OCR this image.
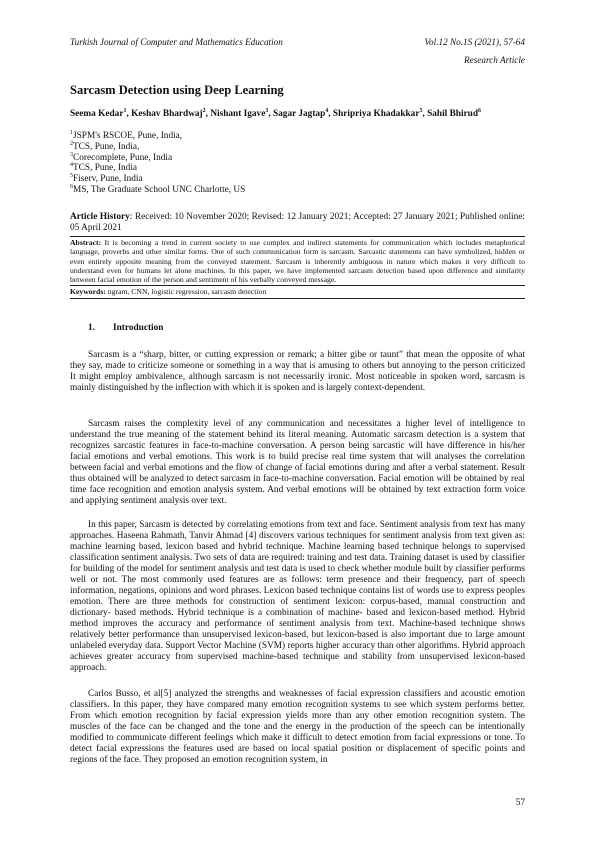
Turkish Journal of Computer and Mathematics Education	Vol.12 No.1S (2021), 57-64
Research Article
Sarcasm Detection using Deep Learning
Seema Kedar$^1$, Keshav Bhardwaj$^2$, Nishant Igave$^3$, Sagar Jagtap$^4$, Shripriya Khadakkar$^5$, Sahil Bhirud$^6$
$^1$JSPM's RSCOE, Pune, India,
$^2$TCS, Pune, India,
$^3$Corecomplete, Pune, India
$^4$TCS, Pune, India
$^5$Fiserv, Pune, India
$^6$MS, The Graduate School UNC Charlotte, US
Article History: Received: 10 November 2020; Revised: 12 January 2021; Accepted: 27 January 2021; Published online: 05 April 2021
Abstract: It is becoming a trend in current society to use complex and indirect statements for communication which includes metaphorical language, proverbs and other similar forms. One of such communication form is sarcasm. Sarcastic statements can have symbolized, hidden or even entirely opposite meaning from the conveyed statement. Sarcasm is inherently ambiguous in nature which makes it very difficult to understand even for humans let alone machines. In this paper, we have implemented sarcasm detection based upon difference and similarity between facial emotion of the person and sentiment of his verbally conveyed message.
Keywords: ngram, CNN, logistic regression, sarcasm detection
1. Introduction

Sarcasm is a “sharp, bitter, or cutting expression or remark; a bitter gibe or taunt” that mean the opposite of what they say, made to criticize someone or something in a way that is amusing to others but annoying to the person criticized It might employ ambivalence, although sarcasm is not necessarily ironic. Most noticeable in spoken word, sarcasm is mainly distinguished by the inflection with which it is spoken and is largely context-dependent.

Sarcasm raises the complexity level of any communication and necessitates a higher level of intelligence to understand the true meaning of the statement behind its literal meaning. Automatic sarcasm detection is a system that recognizes sarcastic features in face-to-machine conversation. A person being sarcastic will have difference in his/her facial emotions and verbal emotions. This work is to build precise real time system that will analyses the correlation between facial and verbal emotions and the flow of change of facial emotions during and after a verbal statement. Result thus obtained will be analyzed to detect sarcasm in face-to-machine conversation. Facial emotion will be obtained by real time face recognition and emotion analysis system. And verbal emotions will be obtained by text extraction form voice and applying sentiment analysis over text.

In this paper, Sarcasm is detected by correlating emotions from text and face. Sentiment analysis from text has many approaches. Haseena Rahmath, Tanvir Ahmad [4] discovers various techniques for sentiment analysis from text given as: machine learning based, lexicon based and hybrid technique. Machine learning based technique belongs to supervised classification sentiment analysis. Two sets of data are required: training and test data. Training dataset is used by classifier for building of the model for sentiment analysis and test data is used to check whether module built by classifier performs well or not. The most commonly used features are as follows: term presence and their frequency, part of speech information, negations, opinions and word phrases. Lexicon based technique contains list of words use to express peoples emotion. There are three methods for construction of sentiment lexicon: corpus-based, manual construction and dictionary- based methods. Hybrid technique is a combination of machine- based and lexicon-based method. Hybrid method improves the accuracy and performance of sentiment analysis from text. Machine-based technique shows relatively better performance than unsupervised lexicon-based, but lexicon-based is also important due to large amount unlabeled everyday data. Support Vector Machine (SVM) reports higher accuracy than other algorithms. Hybrid approach achieves greater accuracy from supervised machine-based technique and stability from unsupervised lexicon-based approach.

Carlos Busso, et al[5] analyzed the strengths and weaknesses of facial expression classifiers and acoustic emotion classifiers. In this paper, they have compared many emotion recognition systems to see which system performs better. From which emotion recognition by facial expression yields more than any other emotion recognition system. The muscles of the face can be changed and the tone and the energy in the production of the speech can be intentionally modified to communicate different feelings which make it difficult to detect emotion from facial expressions or tone. To detect facial expressions the features used are based on local spatial position or displacement of specific points and regions of the face. They proposed an emotion recognition system, in

57
